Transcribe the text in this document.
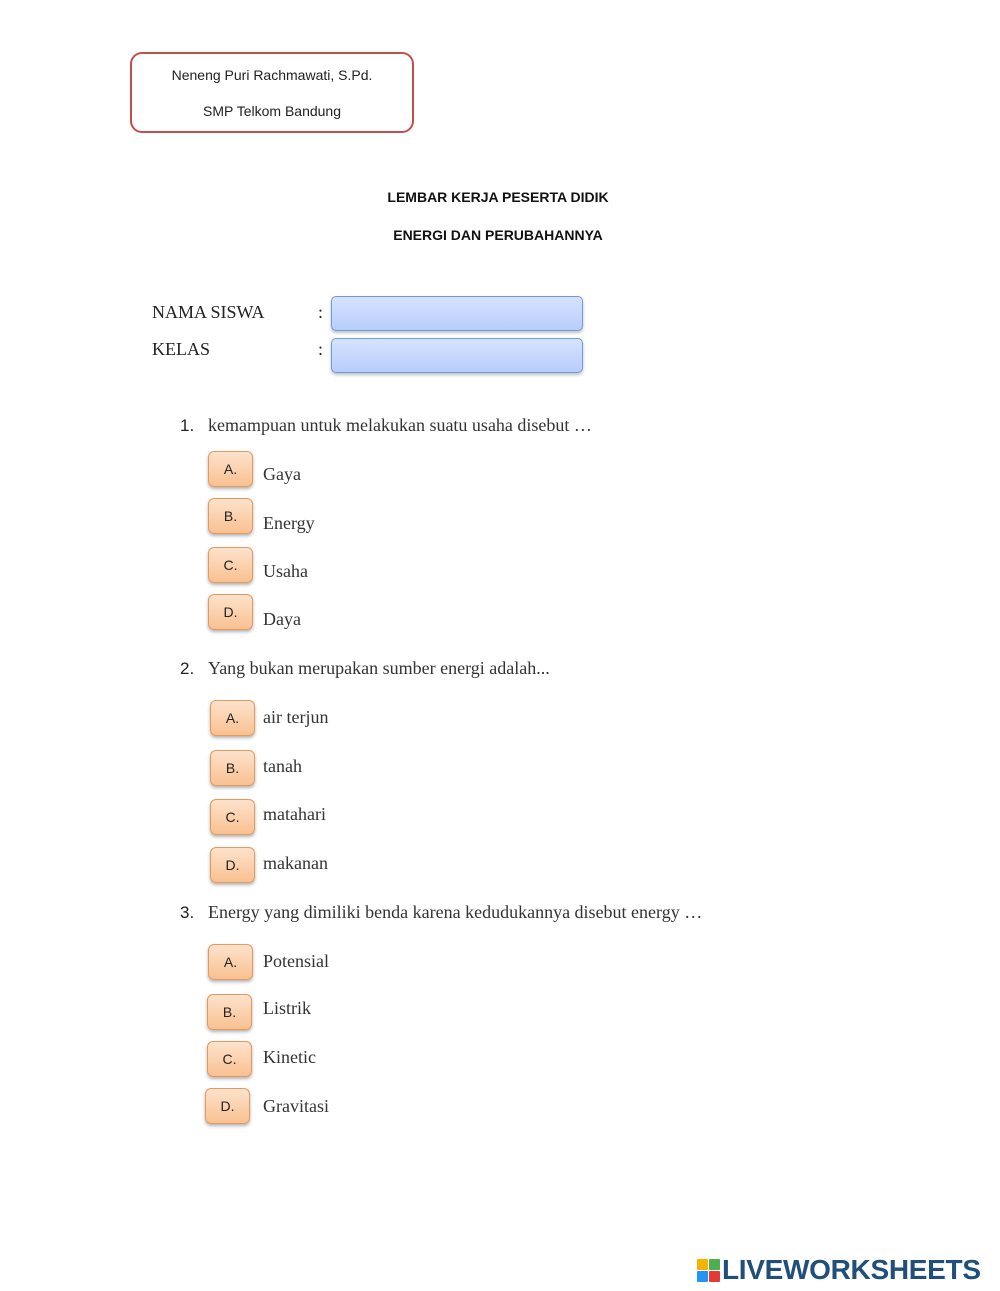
Neneng Puri Rachmawati, S.Pd.
SMP Telkom Bandung
LEMBAR KERJA PESERTA DIDIK
ENERGI DAN PERUBAHANNYA
NAMA SISWA	:
KELAS	:
1. kemampuan untuk melakukan suatu usaha disebut …
A.	Gaya
B.	Energy
C.	Usaha
D.	Daya
2. Yang bukan merupakan sumber energi adalah...
A.	air terjun
B.	tanah
C.	matahari
D.	makanan
3. Energy yang dimiliki benda karena kedudukannya disebut energy …
A.	Potensial
B.	Listrik
C.	Kinetic
D.	Gravitasi
LIVEWORKSHEETS
